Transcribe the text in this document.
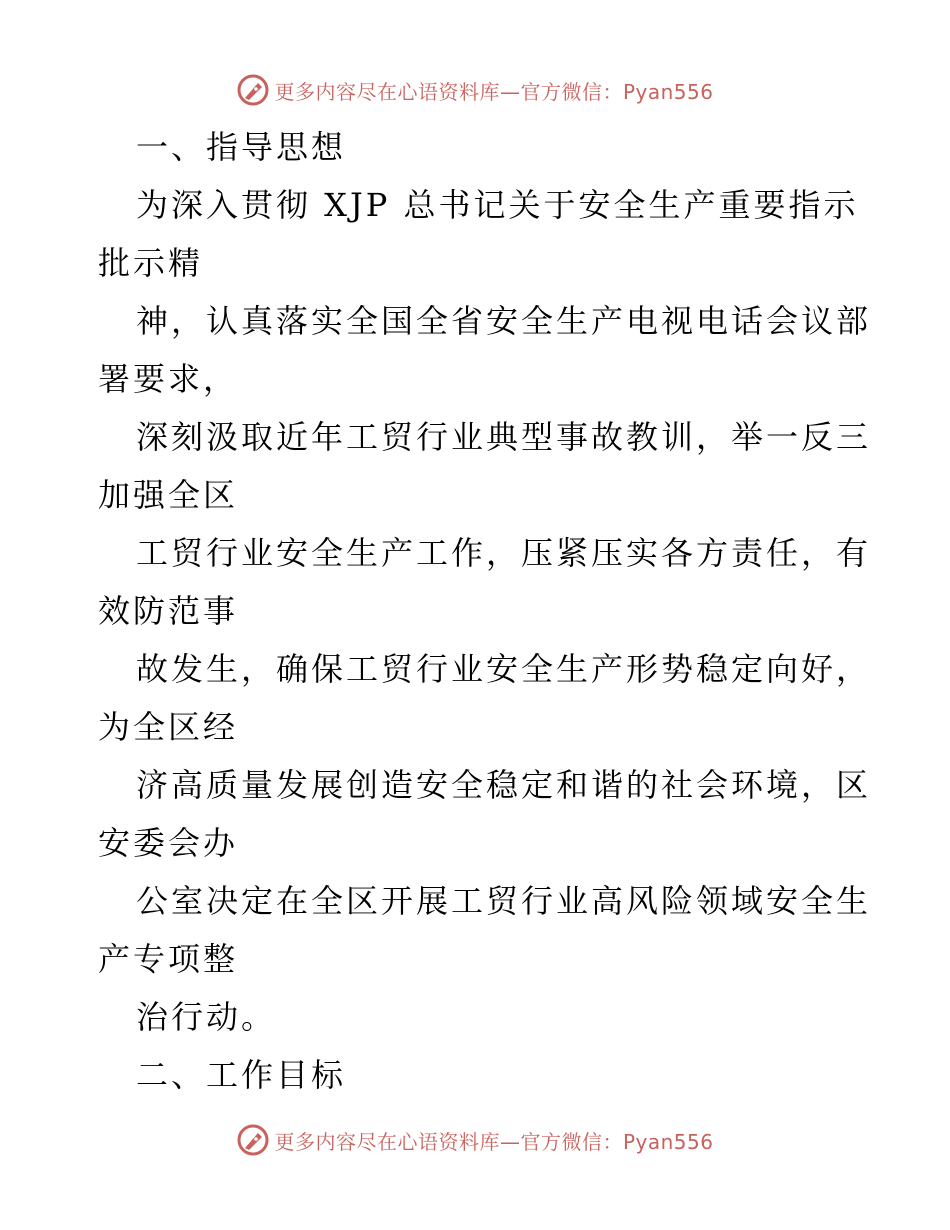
更多内容尽在心语资料库—官方微信：Pyan556
一、指导思想
为深入贯彻 XJP 总书记关于安全生产重要指示
批示精
神，认真落实全国全省安全生产电视电话会议部
署要求，
深刻汲取近年工贸行业典型事故教训，举一反三
加强全区
工贸行业安全生产工作，压紧压实各方责任，有
效防范事
故发生，确保工贸行业安全生产形势稳定向好，
为全区经
济高质量发展创造安全稳定和谐的社会环境，区
安委会办
公室决定在全区开展工贸行业高风险领域安全生
产专项整
治行动。
二、工作目标
更多内容尽在心语资料库—官方微信：Pyan556
